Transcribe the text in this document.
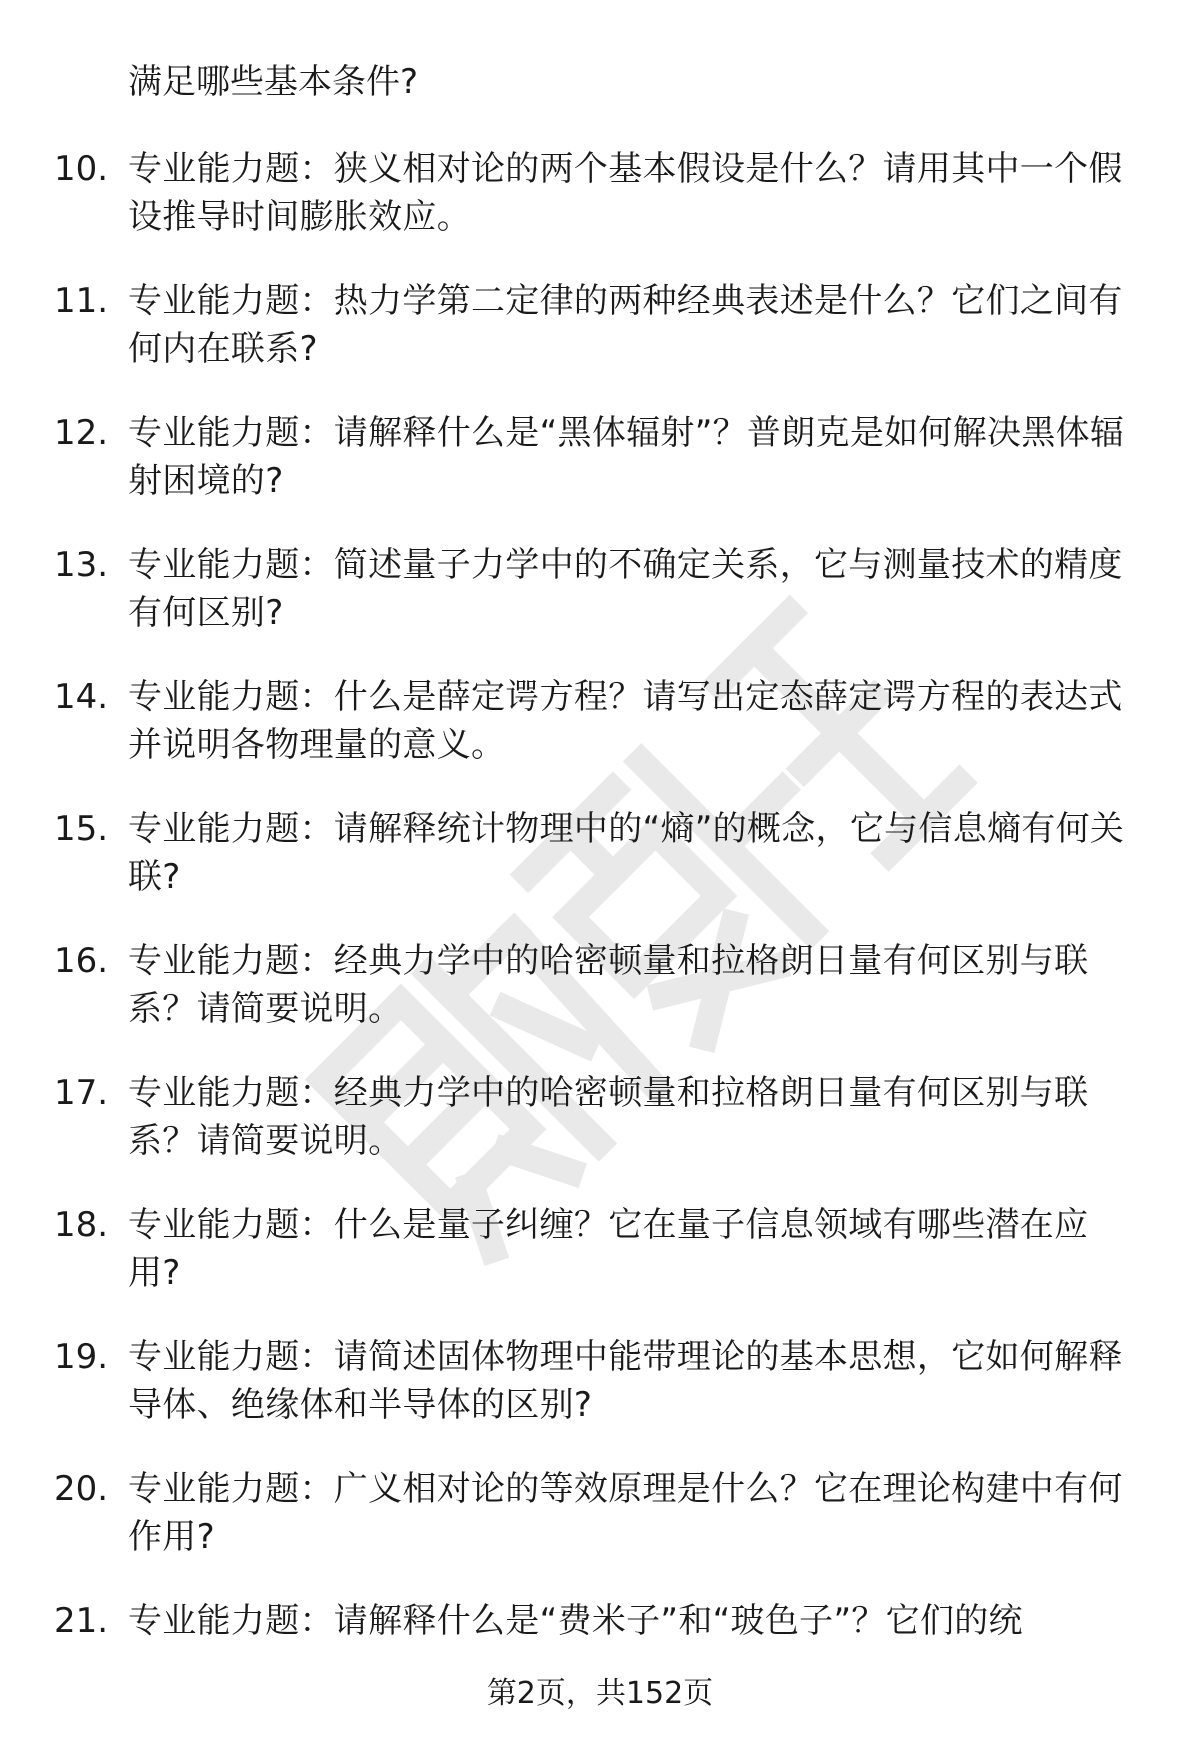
满足哪些基本条件?

10. 专业能力题：狭义相对论的两个基本假设是什么？请用其中一个假设推导时间膨胀效应。
11. 专业能力题：热力学第二定律的两种经典表述是什么？它们之间有何内在联系?
12. 专业能力题：请解释什么是“黑体辐射”？普朗克是如何解决黑体辐射困境的?
13. 专业能力题：简述量子力学中的不确定关系，它与测量技术的精度有何区别?
14. 专业能力题：什么是薛定谔方程？请写出定态薛定谔方程的表达式并说明各物理量的意义。
15. 专业能力题：请解释统计物理中的“熵”的概念，它与信息熵有何关联?
16. 专业能力题：经典力学中的哈密顿量和拉格朗日量有何区别与联系？请简要说明。
17. 专业能力题：经典力学中的哈密顿量和拉格朗日量有何区别与联系？请简要说明。
18. 专业能力题：什么是量子纠缠？它在量子信息领域有哪些潜在应用?
19. 专业能力题：请简述固体物理中能带理论的基本思想，它如何解释导体、绝缘体和半导体的区别?
20. 专业能力题：广义相对论的等效原理是什么？它在理论构建中有何作用?
21. 专业能力题：请解释什么是“费米子”和“玻色子”？它们的统
第2页，共152页
